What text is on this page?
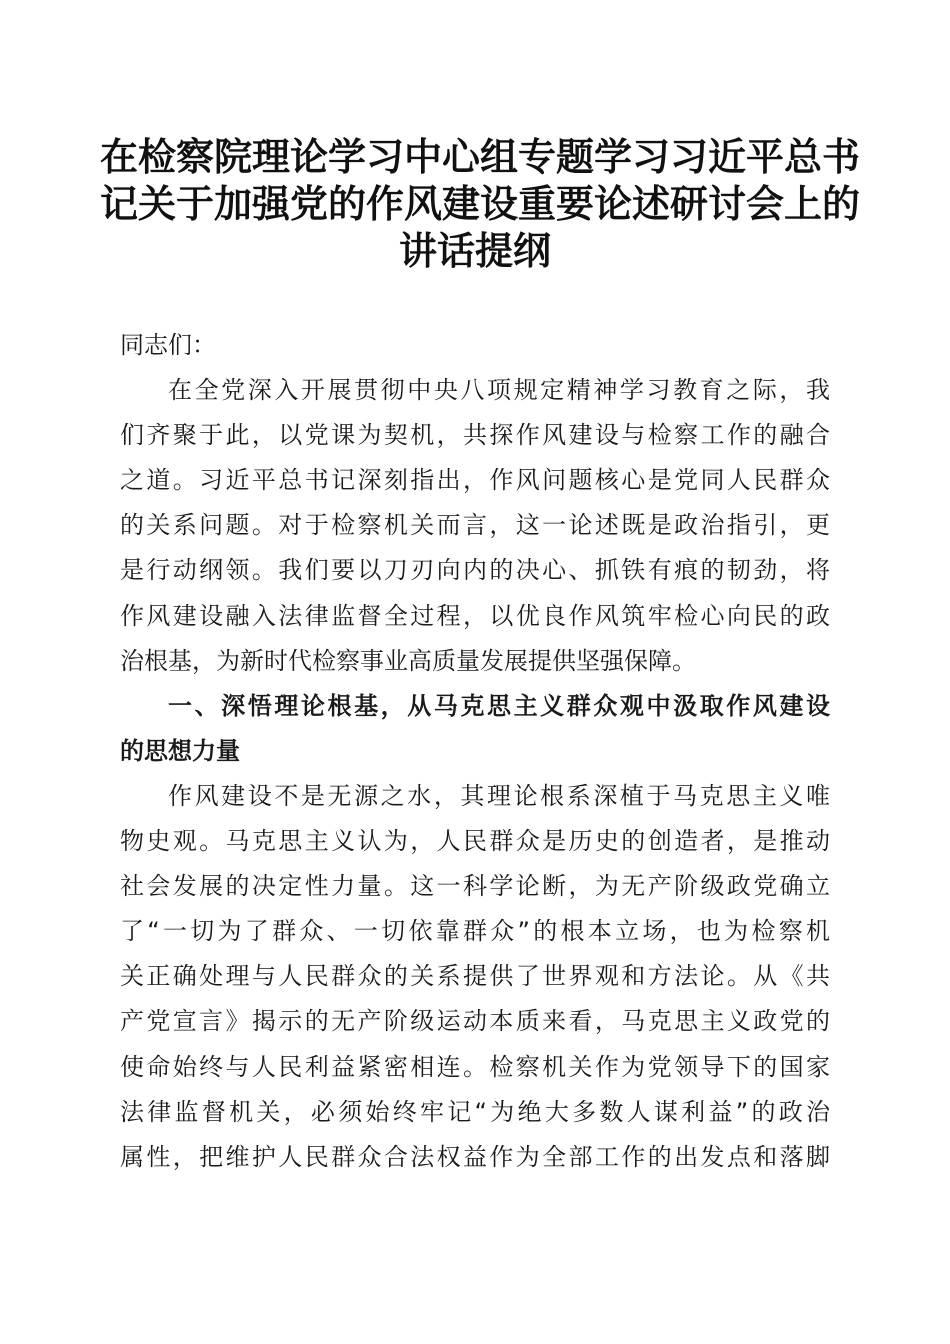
在检察院理论学习中心组专题学习习近平总书
记关于加强党的作风建设重要论述研讨会上的
讲话提纲
同志们：
在全党深入开展贯彻中央八项规定精神学习教育之际，我
们齐聚于此，以党课为契机，共探作风建设与检察工作的融合
之道。习近平总书记深刻指出，作风问题核心是党同人民群众
的关系问题。对于检察机关而言，这一论述既是政治指引，更
是行动纲领。我们要以刀刃向内的决心、抓铁有痕的韧劲，将
作风建设融入法律监督全过程，以优良作风筑牢检心向民的政
治根基，为新时代检察事业高质量发展提供坚强保障。
一、深悟理论根基，从马克思主义群众观中汲取作风建设
的思想力量
作风建设不是无源之水，其理论根系深植于马克思主义唯
物史观。马克思主义认为，人民群众是历史的创造者，是推动
社会发展的决定性力量。这一科学论断，为无产阶级政党确立
了“一切为了群众、一切依靠群众”的根本立场，也为检察机
关正确处理与人民群众的关系提供了世界观和方法论。从《共
产党宣言》揭示的无产阶级运动本质来看，马克思主义政党的
使命始终与人民利益紧密相连。检察机关作为党领导下的国家
法律监督机关，必须始终牢记“为绝大多数人谋利益”的政治
属性，把维护人民群众合法权益作为全部工作的出发点和落脚
